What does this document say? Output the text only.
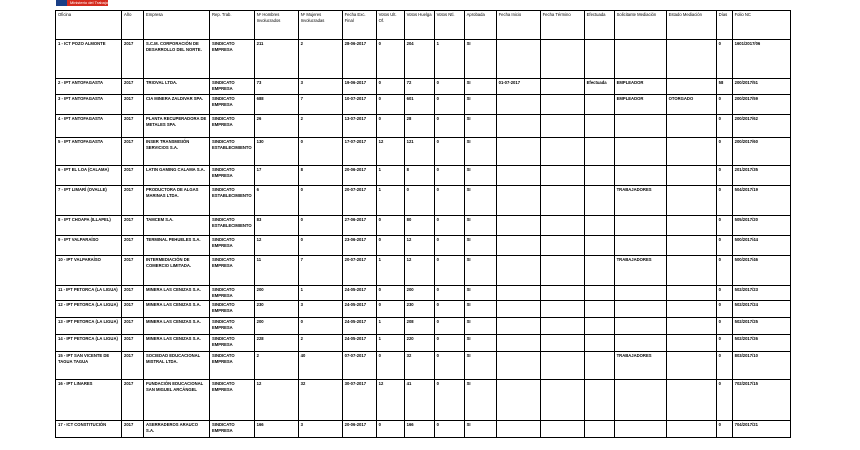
Ministerio del Trabajo
Oficina	Año	Empresa	Rep. Trab.	Nº Hombres Involucrados	Nº Mujeres Involucradas	Fecha Exc. Final	Votos Ult. Of.	Votos Huelga	Votos Ntl.	Aprobada	Fecha Inicio	Fecha Término	Efectuada	Solicitante Mediación	Estado Mediación	Días	Folio NC
1 - ICT POZO ALMONTE	2017	S.C.M. CORPORACIÓN DE DESARROLLO DEL NORTE.	SINDICATO EMPRESA	211	2	28-06-2017	0	204	1	SI						0	1601/2017/06
2 - IPT ANTOFAGASTA	2017	TRIOVAL LTDA.	SINDICATO EMPRESA	73	3	19-06-2017	0	72	0	SI	01-07-2017		Efectuada	EMPLEADOR		58	200/2017/51
3 - IPT ANTOFAGASTA	2017	CIA MINERA ZALDIVAR SPA.	SINDICATO EMPRESA	688	7	10-07-2017	0	601	0	SI				EMPLEADOR	OTORGADO	0	200/2017/59
4 - IPT ANTOFAGASTA	2017	PLANTA RECUPERADORA DE METALES SPA.	SINDICATO EMPRESA	26	2	13-07-2017	0	28	0	SI						0	200/2017/62
5 - IPT ANTOFAGASTA	2017	INSER TRANSMISIÓN SERVICIOS S.A.	SINDICATO ESTABLECIMIENTO	130	0	17-07-2017	12	121	0	SI						0	200/2017/60
6 - IPT EL LOA (CALAMA)	2017	LATIN GAMING CALAMA S.A.	SINDICATO EMPRESA	17	8	20-06-2017	1	8	0	SI						0	201/2017/35
7 - IPT LIMARÍ (OVALLE)	2017	PRODUCTORA DE ALGAS MARINAS LTDA.	SINDICATO ESTABLECIMIENTO	6	0	20-07-2017	1	0	0	SI				TRABAJADORES		0	504/2017/19
8 - IPT CHOAPA (ILLAPEL)	2017	TAMCEM S.A.	SINDICATO ESTABLECIMIENTO	83	0	27-06-2017	0	80	0	SI						0	505/2017/20
9 - IPT VALPARAÍSO	2017	TERMINAL PEHUELES S.A.	SINDICATO EMPRESA	12	0	23-06-2017	0	12	0	SI						0	500/2017/44
10 - IPT VALPARAÍSO	2017	INTERMEDIACIÓN DE COMERCIO LIMITADA.	SINDICATO EMPRESA	11	7	20-07-2017	1	12	0	SI				TRABAJADORES		0	500/2017/46
11 - IPT PETORCA (LA LIGUA)	2017	MINERA LAS CENIZAS S.A.	SINDICATO EMPRESA	200	1	24-05-2017	0	200	0	SI						0	502/2017/23
12 - IPT PETORCA (LA LIGUA)	2017	MINERA LAS CENIZAS S.A.	SINDICATO EMPRESA	230	3	24-05-2017	0	230	0	SI						0	502/2017/24
13 - IPT PETORCA (LA LIGUA)	2017	MINERA LAS CENIZAS S.A.	SINDICATO EMPRESA	200	0	24-05-2017	1	208	0	SI						0	502/2017/25
14 - IPT PETORCA (LA LIGUA)	2017	MINERA LAS CENIZAS S.A.	SINDICATO EMPRESA	228	2	24-05-2017	1	220	0	SI						0	502/2017/26
15 - IPT SAN VICENTE DE TAGUA TAGUA	2017	SOCIEDAD EDUCACIONAL MISTRAL LTDA.	SINDICATO EMPRESA	2	40	07-07-2017	0	32	0	SI				TRABAJADORES		0	803/2017/10
16 - IPT LINARES	2017	FUNDACIÓN EDUCACIONAL SAN MIGUEL ARCÁNGEL	SINDICATO EMPRESA	12	32	30-07-2017	12	41	0	SI						0	702/2017/15
17 - ICT CONSTITUCIÓN	2017	ASERRADEROS ARAUCO S.A.	SINDICATO EMPRESA	166	3	20-06-2017	0	166	0	SI						0	704/2017/21
